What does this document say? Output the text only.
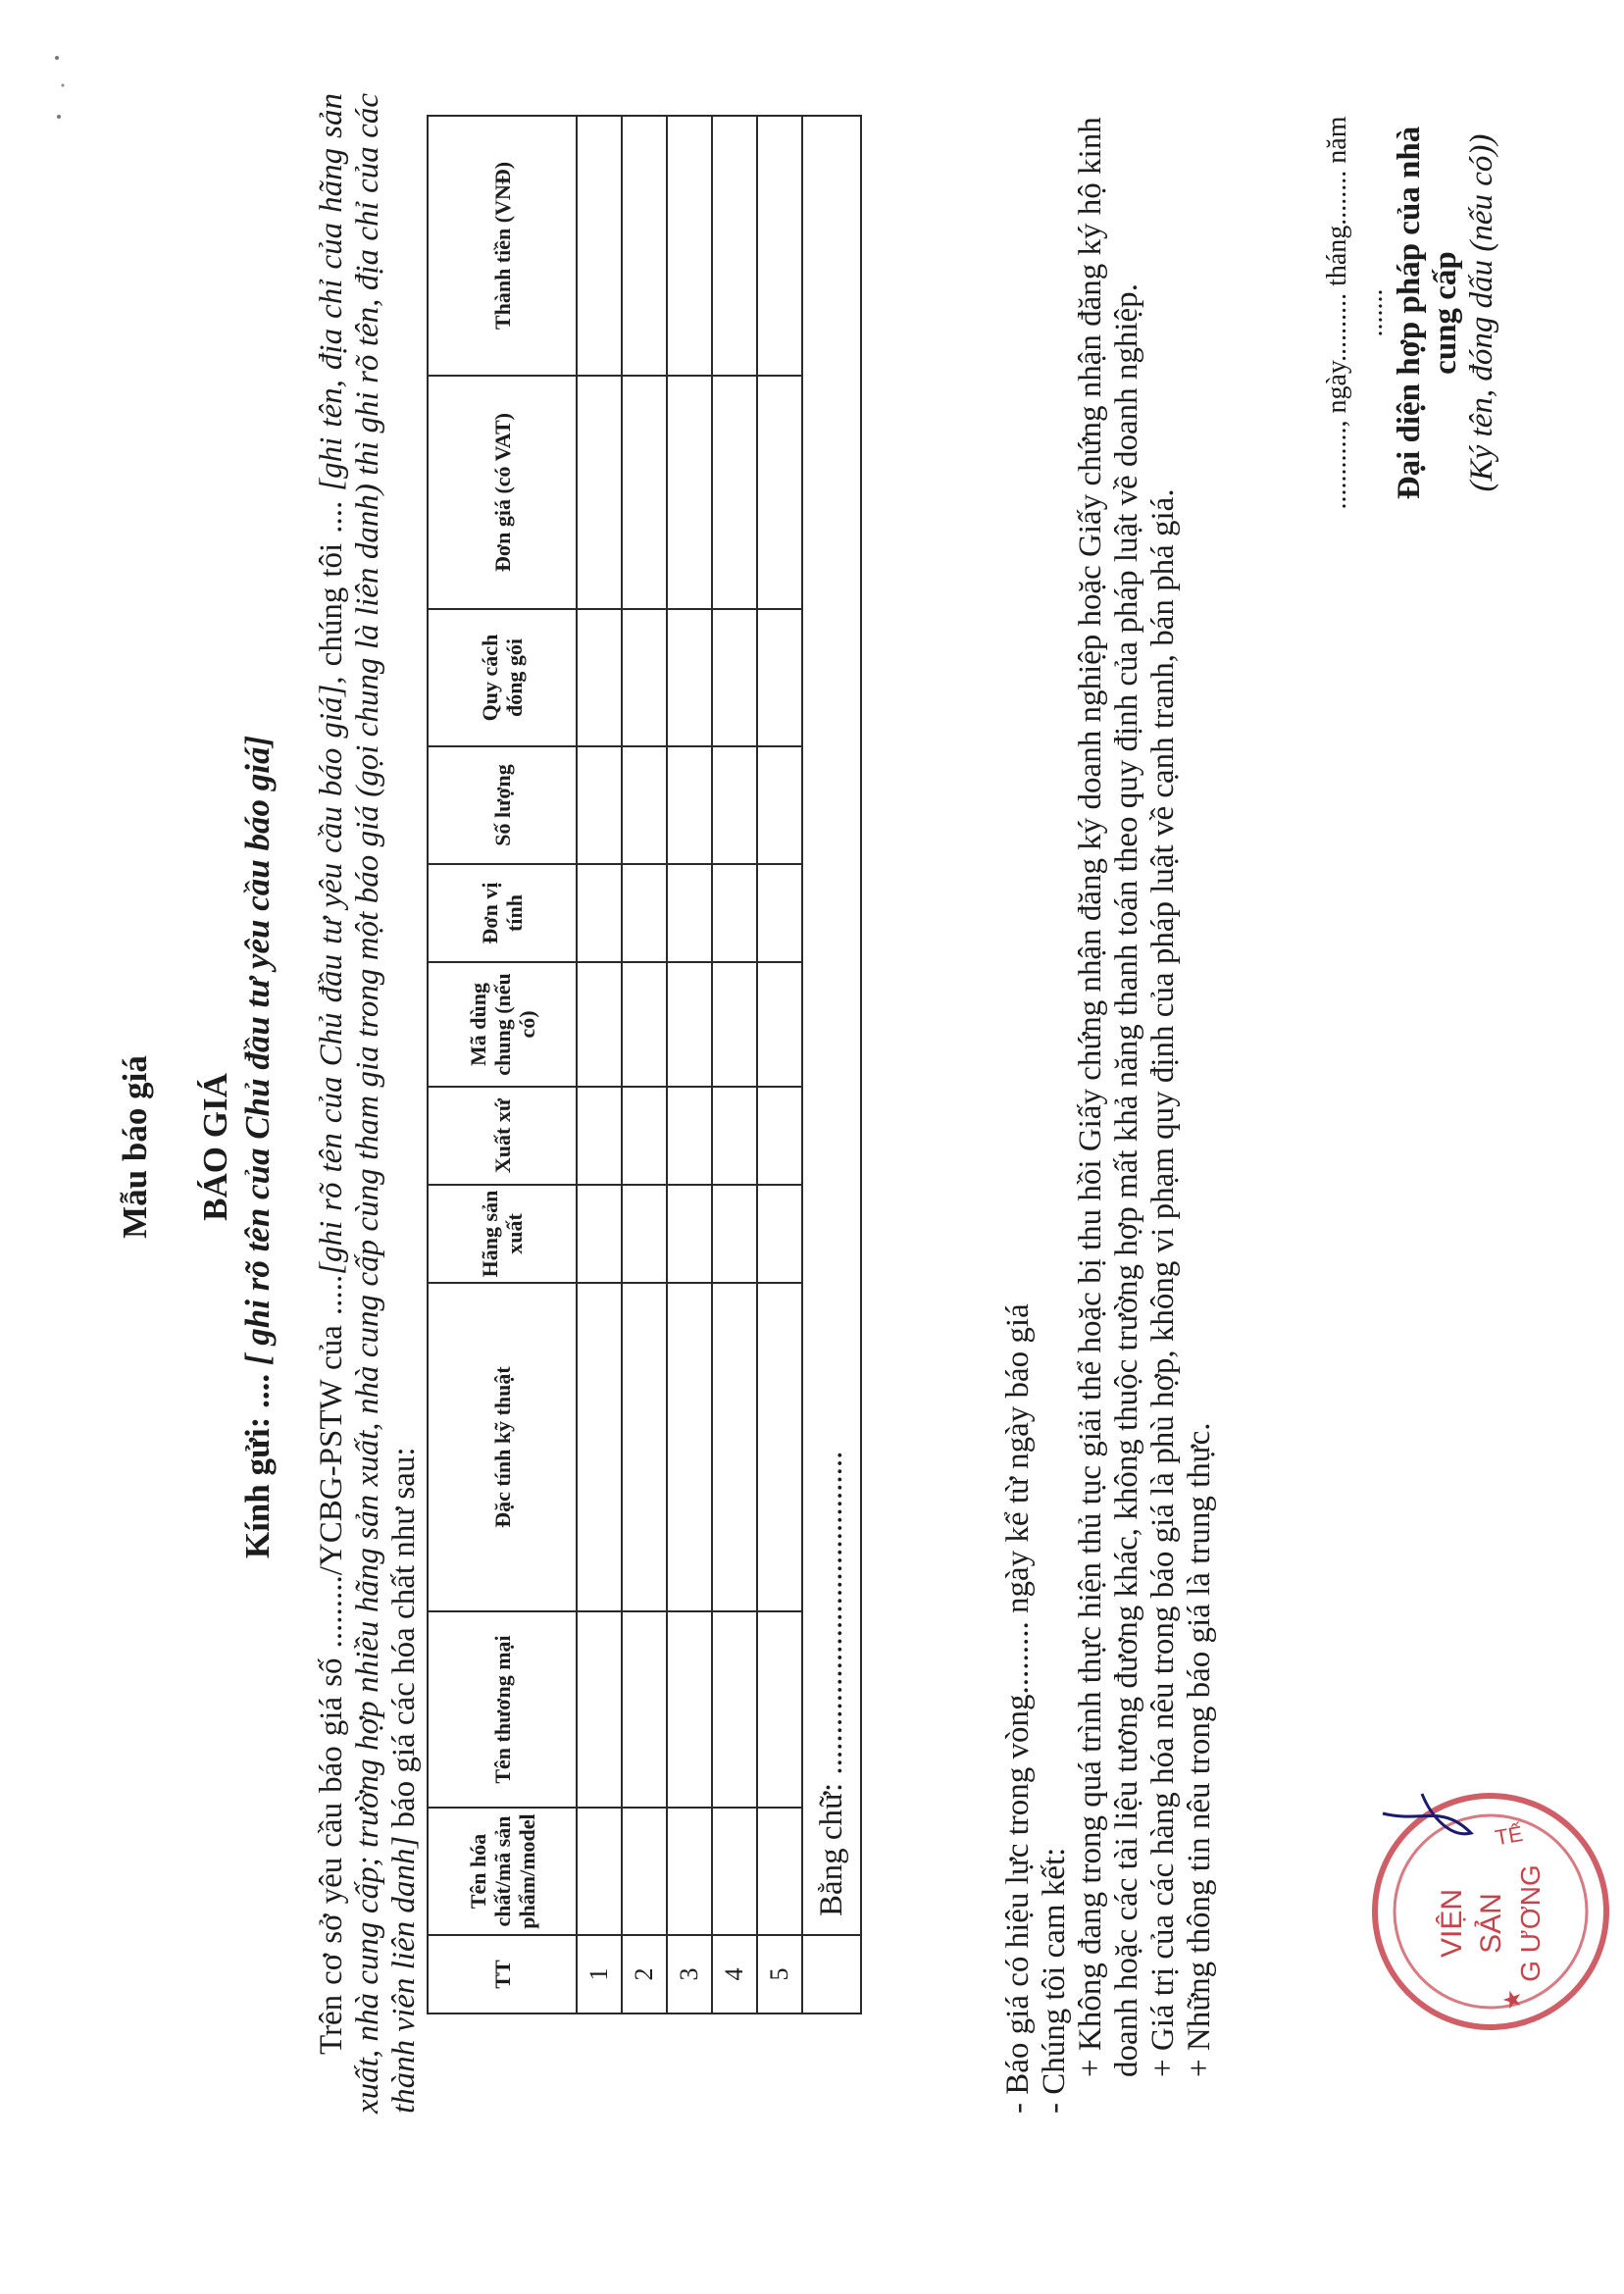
Mẫu báo giá BÁO GIÁ
Kính gửi: .... [ ghi rõ tên của Chủ đầu tư yêu cầu báo giá]
Trên cơ sở yêu cầu báo giá số ........./YCBG-PSTW của .....[ghi rõ tên của Chủ đầu tư yêu cầu báo giá], chúng tôi .... [ghi tên, địa chỉ của hãng sản xuất, nhà cung cấp; trường hợp nhiều hãng sản xuất, nhà cung cấp cùng tham gia trong một báo giá (gọi chung là liên danh) thì ghi rõ tên, địa chỉ của các thành viên liên danh] báo giá các hóa chất như sau:
TT	Tên hóa chất/mã sản phẩm/model	Tên thương mại	Đặc tính kỹ thuật	Hãng sản xuất	Xuất xứ	Mã dùng chung (nếu có)	Đơn vị tính	Số lượng	Quy cách đóng gói	Đơn giá (có VAT)	Thành tiền (VNĐ)
1											
2											
3											
4											
5											
	Bằng chữ: ........................................											- Báo giá có hiệu lực trong vòng......... ngày kể từ ngày báo giá - Chúng tôi cam kết: + Không đang trong quá trình thực hiện thủ tục giải thể hoặc bị thu hồi Giấy chứng nhận đăng ký doanh nghiệp hoặc Giấy chứng nhận đăng ký hộ kinh doanh hoặc các tài liệu tương đương khác, không thuộc trường hợp mất khả năng thanh toán theo quy định của pháp luật về doanh nghiệp. + Giá trị của các hàng hóa nêu trong báo giá là phù hợp, không vi phạm quy định của pháp luật về cạnh tranh, bán phá giá. + Những thông tin nêu trong báo giá là trung thực.

............, ngày.......... tháng........ năm ....... Đại diện hợp pháp của nhà cung cấp (Ký tên, đóng dấu (nếu có))
VIỆN SẢN G ƯƠNG
TẾ
★
